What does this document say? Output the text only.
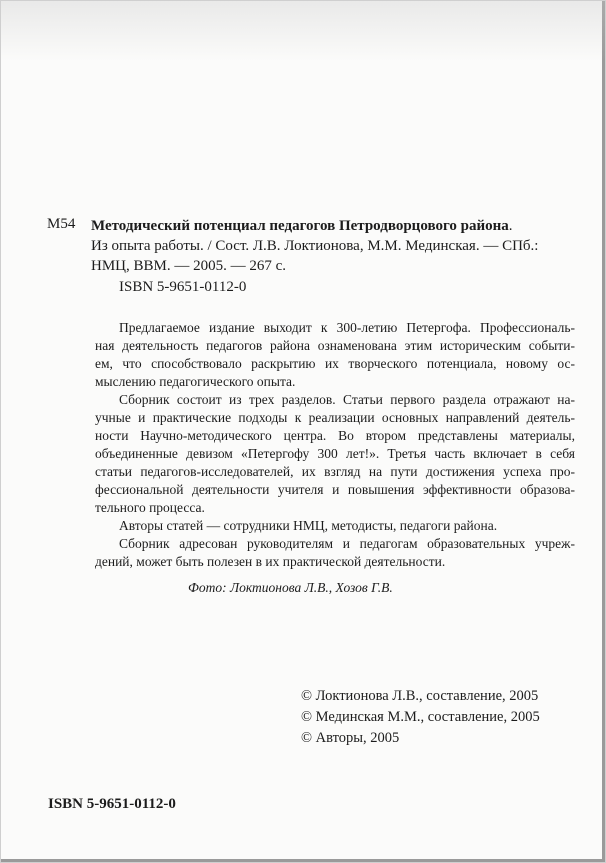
М54 Методический потенциал педагогов Петродворцового района.
Из опыта работы. / Сост. Л.В. Локтионова, М.М. Мединская. — СПб.:
НМЦ, ВВМ. — 2005. — 267 с.
ISBN 5-9651-0112-0
Предлагаемое издание выходит к 300-летию Петергофа. Профессиональ-
ная деятельность педагогов района ознаменована этим историческим событи-
ем, что способствовало раскрытию их творческого потенциала, новому ос-
мыслению педагогического опыта.
Сборник состоит из трех разделов. Статьи первого раздела отражают на-
учные и практические подходы к реализации основных направлений деятель-
ности Научно-методического центра. Во втором представлены материалы,
объединенные девизом «Петергофу 300 лет!». Третья часть включает в себя
статьи педагогов-исследователей, их взгляд на пути достижения успеха про-
фессиональной деятельности учителя и повышения эффективности образова-
тельного процесса.
Авторы статей — сотрудники НМЦ, методисты, педагоги района.
Сборник адресован руководителям и педагогам образовательных учреж-
дений, может быть полезен в их практической деятельности.
Фото: Локтионова Л.В., Хозов Г.В.
© Локтионова Л.В., составление, 2005
© Мединская М.М., составление, 2005
© Авторы, 2005
ISBN 5-9651-0112-0
